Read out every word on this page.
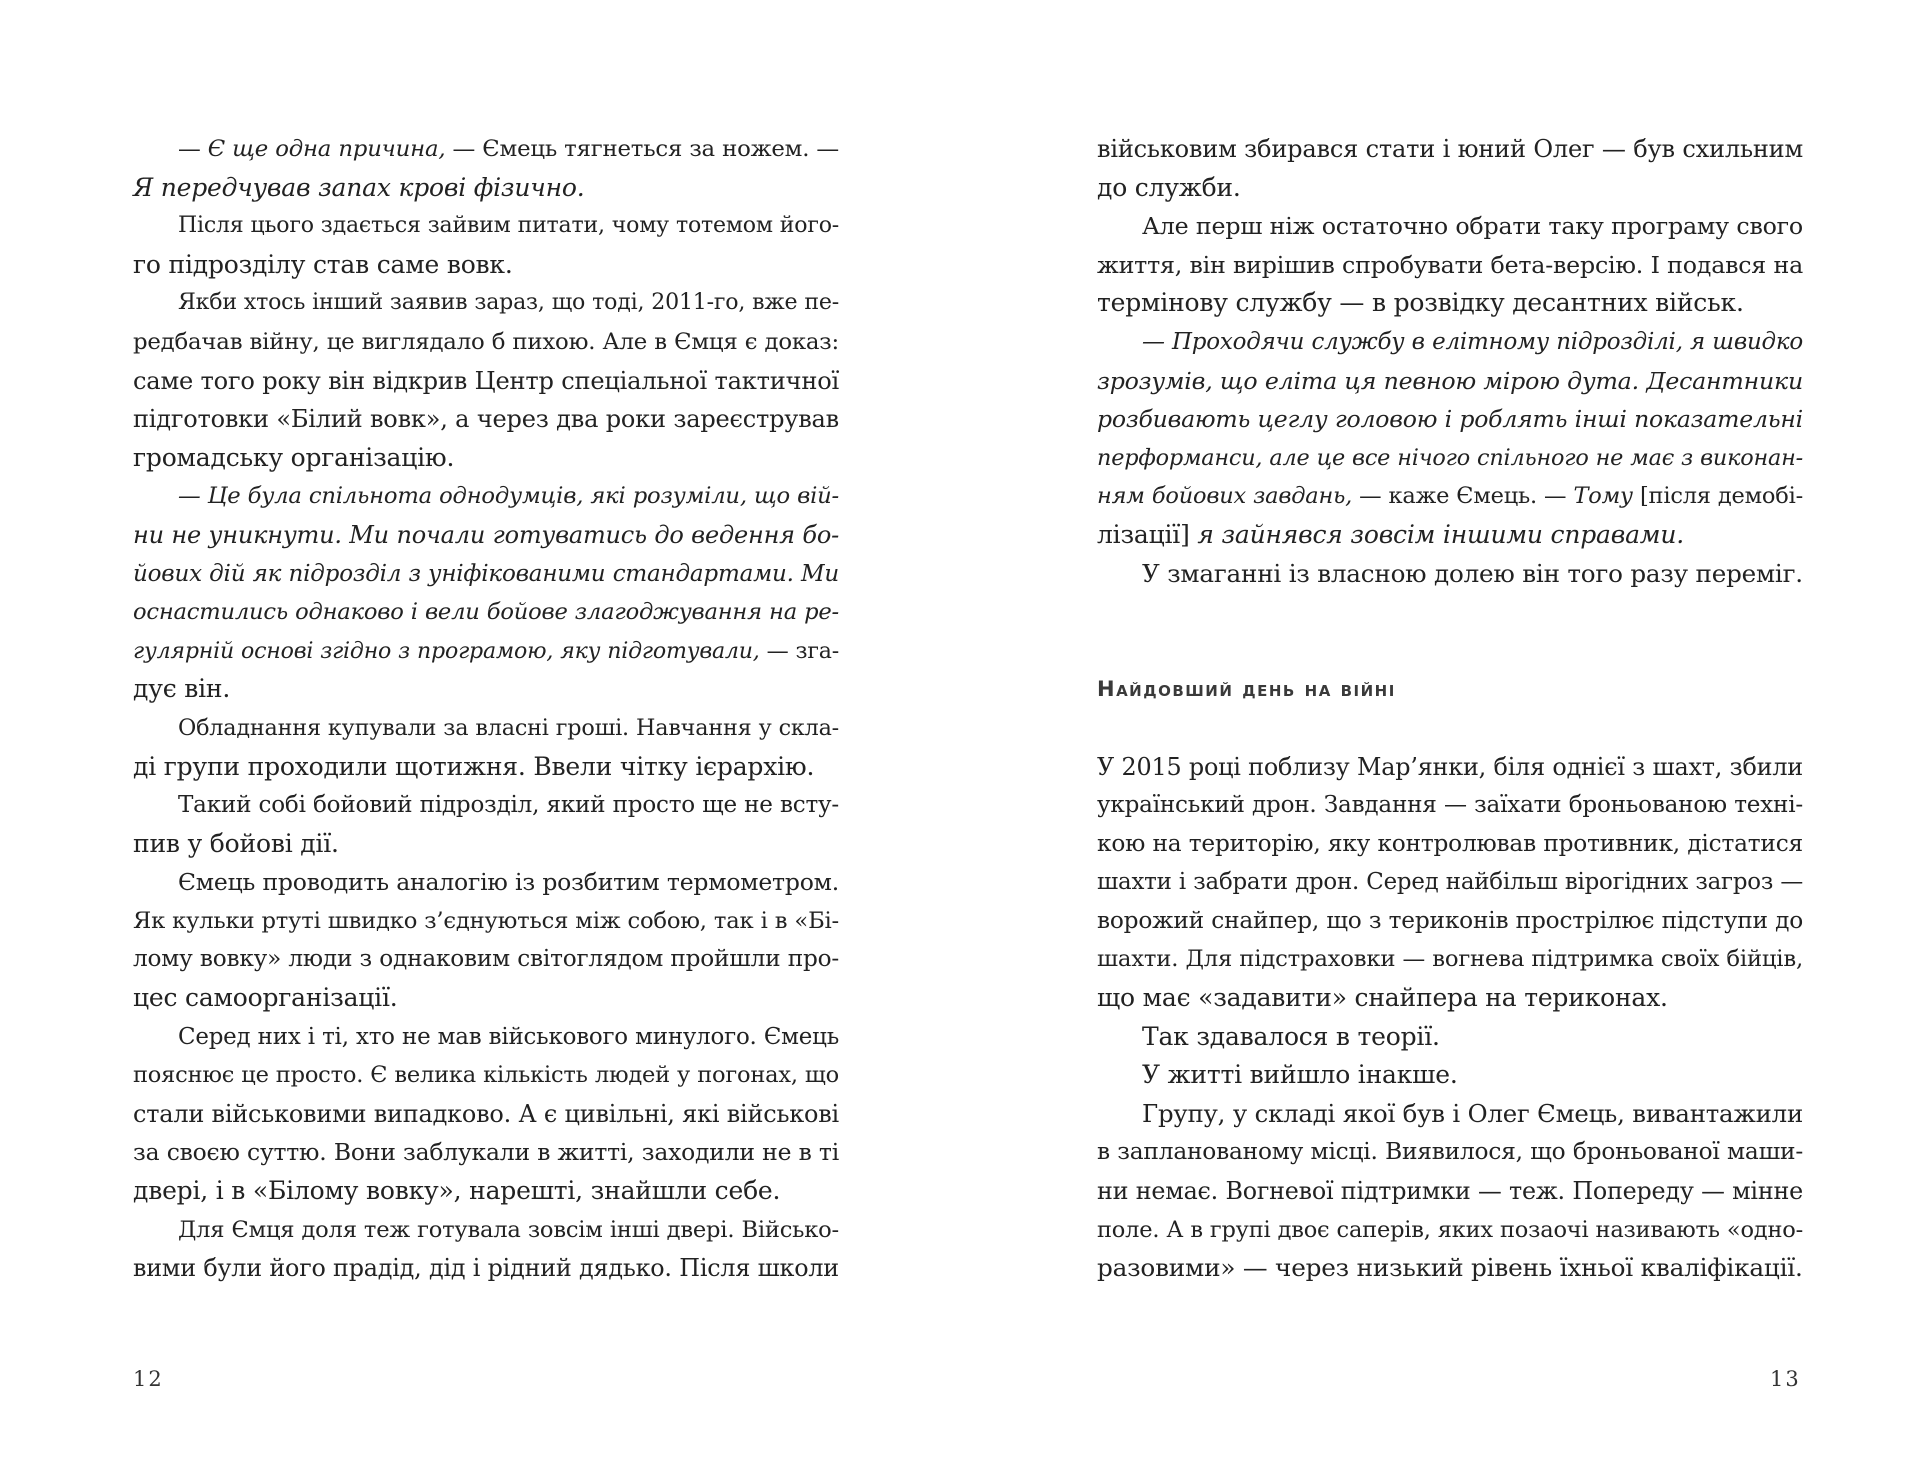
— Є ще одна причина, — Ємець тягнеться за ножем. —
Я передчував запах крові фізично.
Після цього здається зайвим питати, чому тотемом його-
го підрозділу став саме вовк.
Якби хтось інший заявив зараз, що тоді, 2011-го, вже пе-
редбачав війну, це виглядало б пихою. Але в Ємця є доказ:
саме того року він відкрив Центр спеціальної тактичної
підготовки «Білий вовк», а через два роки зареєстрував
громадську організацію.
— Це була спільнота однодумців, які розуміли, що вій-
ни не уникнути. Ми почали готуватись до ведення бо-
йових дій як підрозділ з уніфікованими стандартами. Ми
оснастились однаково і вели бойове злагоджування на ре-
гулярній основі згідно з програмою, яку підготували, — зга-
дує він.
Обладнання купували за власні гроші. Навчання у скла-
ді групи проходили щотижня. Ввели чітку ієрархію.
Такий собі бойовий підрозділ, який просто ще не всту-
пив у бойові дії.
Ємець проводить аналогію із розбитим термометром.
Як кульки ртуті швидко з’єднуються між собою, так і в «Бі-
лому вовку» люди з однаковим світоглядом пройшли про-
цес самоорганізації.
Серед них і ті, хто не мав військового минулого. Ємець
пояснює це просто. Є велика кількість людей у погонах, що
стали військовими випадково. А є цивільні, які військові
за своєю суттю. Вони заблукали в житті, заходили не в ті
двері, і в «Білому вовку», нарешті, знайшли себе.
Для Ємця доля теж готувала зовсім інші двері. Військо-
вими були його прадід, дід і рідний дядько. Після школи
військовим збирався стати і юний Олег — був схильним
до служби.
Але перш ніж остаточно обрати таку програму свого
життя, він вирішив спробувати бета-версію. І подався на
термінову службу — в розвідку десантних військ.
— Проходячи службу в елітному підрозділі, я швидко
зрозумів, що еліта ця певною мірою дута. Десантники
розбивають цеглу головою і роблять інші показательні
перформанси, але це все нічого спільного не має з виконан-
ням бойових завдань, — каже Ємець. — Тому [після демобі-
лізації] я зайнявся зовсім іншими справами.
У змаганні із власною долею він того разу переміг.
Найдовший день на війні
У 2015 році поблизу Мар’янки, біля однієї з шахт, збили
український дрон. Завдання — заїхати броньованою техні-
кою на територію, яку контролював противник, дістатися
шахти і забрати дрон. Серед найбільш вірогідних загроз —
ворожий снайпер, що з териконів прострілює підступи до
шахти. Для підстраховки — вогнева підтримка своїх бійців,
що має «задавити» снайпера на териконах.
Так здавалося в теорії.
У житті вийшло інакше.
Групу, у складі якої був і Олег Ємець, вивантажили
в запланованому місці. Виявилося, що броньованої маши-
ни немає. Вогневої підтримки — теж. Попереду — мінне
поле. А в групі двоє саперів, яких позаочі називають «одно-
разовими» — через низький рівень їхньої кваліфікації.
12	13
